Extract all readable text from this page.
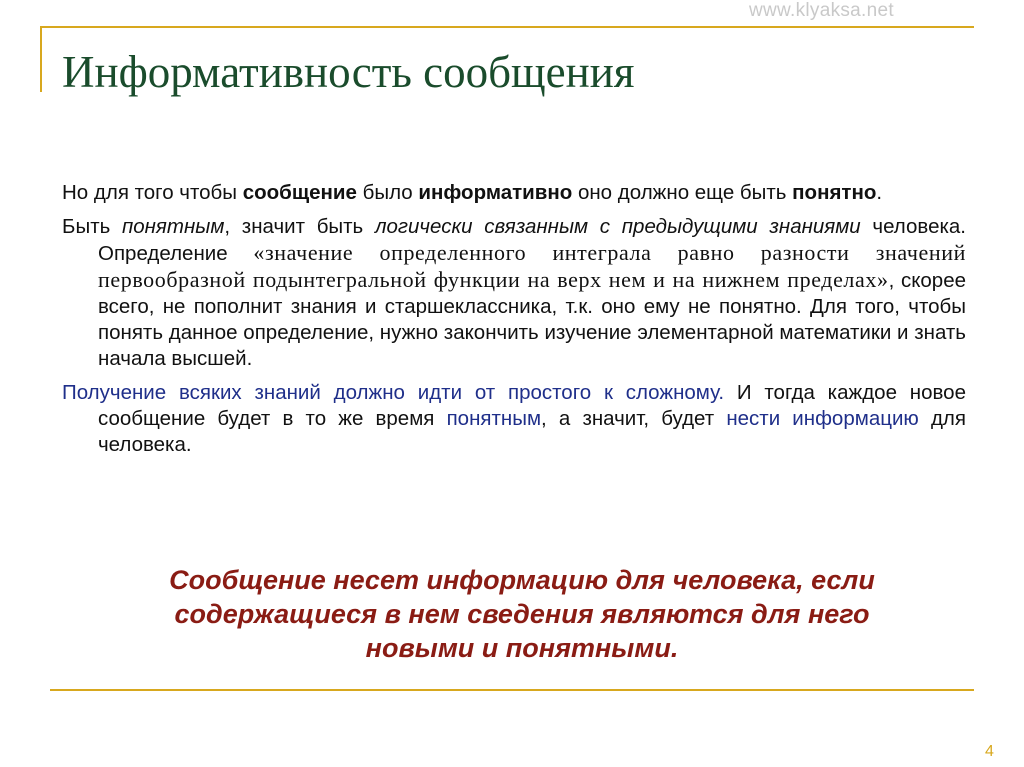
www.klyaksa.net
Информативность сообщения

Но для того чтобы сообщение было информативно оно должно еще быть понятно.

Быть понятным, значит быть логически связанным с предыдущими знаниями человека. Определение «значение определенного интеграла равно разности значений первообразной подынтегральной функции на верх нем и на нижнем пределах», скорее всего, не пополнит знания и старшеклассника, т.к. оно ему не понятно. Для того, чтобы понять данное определение, нужно закончить изучение элементарной математики и знать начала высшей.

Получение всяких знаний должно идти от простого к сложному. И тогда каждое новое сообщение будет в то же время понятным, а значит, будет нести информацию для человека.

Сообщение несет информацию для человека, если
содержащиеся в нем сведения являются для него
новыми и понятными.
4
